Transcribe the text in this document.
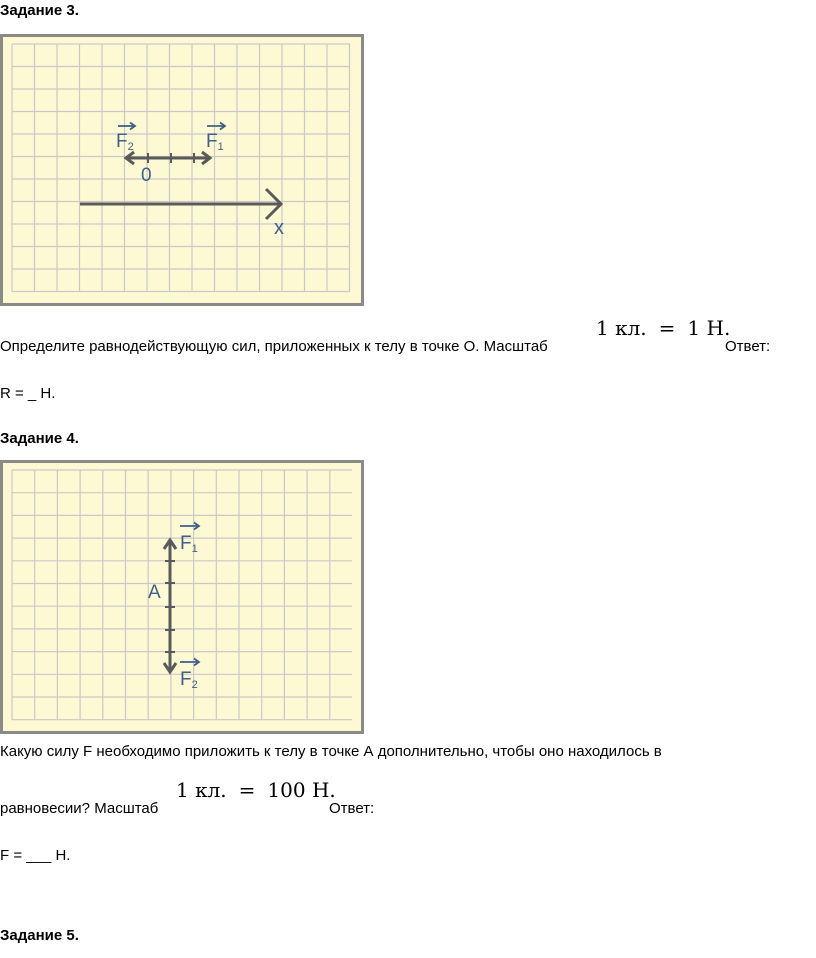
Задание 3.
F2	F1
0
x
Определите равнодействующую сил, приложенных к телу в точке О. Масштаб
1 кл. = 1 Н.
Ответ:
R = _ Н.
Задание 4.
F1
F2
A
Какую силу F необходимо приложить к телу в точке А дополнительно, чтобы оно находилось в
равновесии? Масштаб
1 кл. = 100 Н.
Ответ:
F = ___ Н.
Задание 5.
